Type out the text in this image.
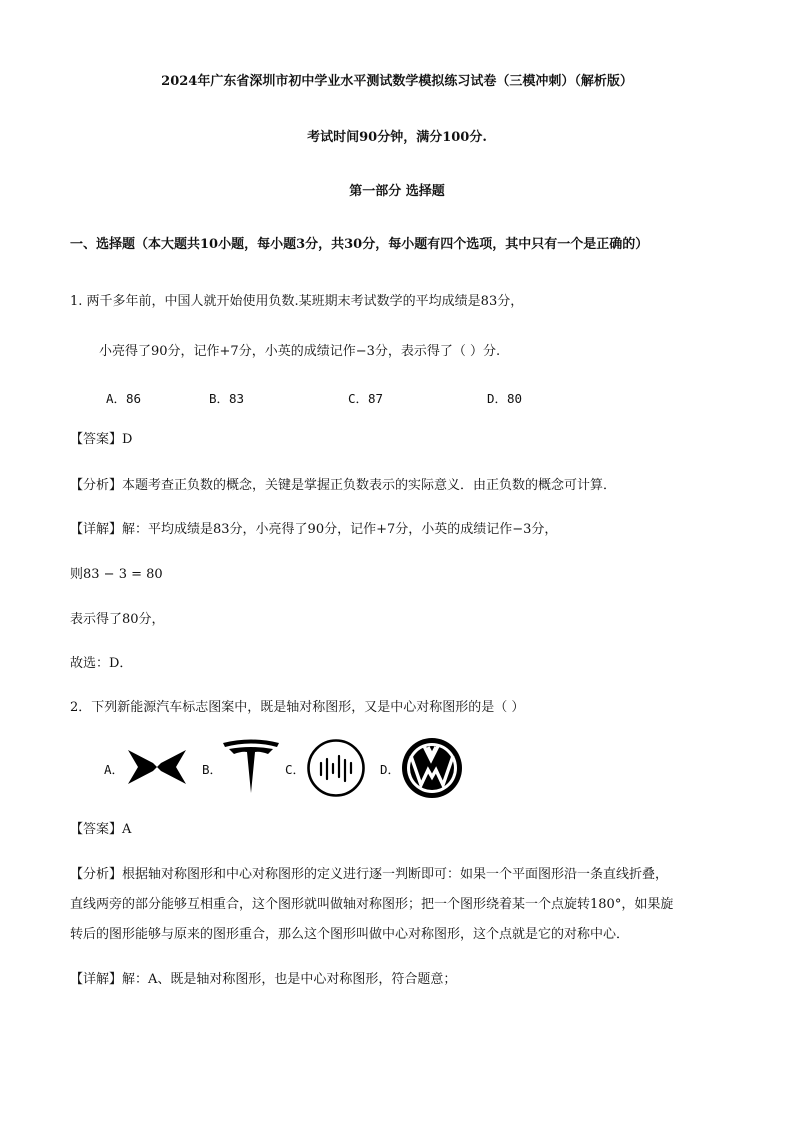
2024年广东省深圳市初中学业水平测试数学模拟练习试卷（三模冲刺）（解析版）
考试时间90分钟，满分100分.
第一部分 选择题
一、选择题（本大题共10小题，每小题3分，共30分，每小题有四个选项，其中只有一个是正确的）
1. 两千多年前，中国人就开始使用负数.某班期末考试数学的平均成绩是83分，
小亮得了90分，记作+7分，小英的成绩记作−3分，表示得了（ ）分.
A．86	B．83	C．87	D．80
【答案】D
【分析】本题考查正负数的概念，关键是掌握正负数表示的实际意义．由正负数的概念可计算．
【详解】解：平均成绩是83分，小亮得了90分，记作+7分，小英的成绩记作−3分，
则83 − 3 = 80
表示得了80分，
故选：D．
2．下列新能源汽车标志图案中，既是轴对称图形，又是中心对称图形的是（ ）
A．	B．	C．	D．
【答案】A
【分析】根据轴对称图形和中心对称图形的定义进行逐一判断即可：如果一个平面图形沿一条直线折叠，
直线两旁的部分能够互相重合，这个图形就叫做轴对称图形；把一个图形绕着某一个点旋转180°，如果旋
转后的图形能够与原来的图形重合，那么这个图形叫做中心对称图形，这个点就是它的对称中心．
【详解】解：A、既是轴对称图形，也是中心对称图形，符合题意；
